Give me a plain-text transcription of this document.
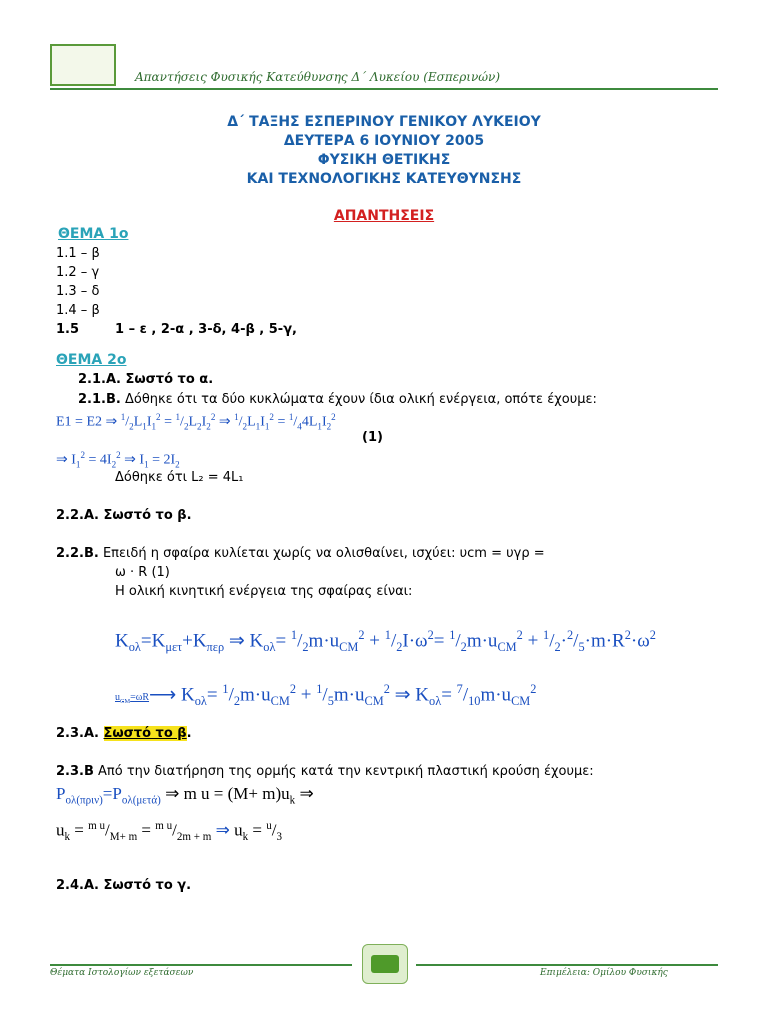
Απαντήσεις Φυσικής Κατεύθυνσης Δ΄ Λυκείου (Εσπερινών)
Δ΄ ΤΑΞΗΣ ΕΣΠΕΡΙΝΟΥ ΓΕΝΙΚΟΥ ΛΥΚΕΙΟΥ
ΔΕΥΤΕΡΑ 6 ΙΟΥΝΙΟΥ 2005
ΦΥΣΙΚΗ ΘΕΤΙΚΗΣ
ΚΑΙ ΤΕΧΝΟΛΟΓΙΚΗΣ ΚΑΤΕΥΘΥΝΣΗΣ
ΑΠΑΝΤΗΣΕΙΣ
ΘΕΜΑ 1ο
1.1 – β
1.2 – γ
1.3 – δ
1.4 – β
1.5	1 – ε , 2-α , 3-δ, 4-β , 5-γ,
ΘΕΜΑ 2ο
2.1.Α. Σωστό το α.
2.1.Β. Δόθηκε ότι τα δύο κυκλώματα έχουν ίδια ολική ενέργεια, οπότε έχουμε:
E1 = E2 ⇒ $^1/_2L_1I_1^2 = ^1/_2L_2I_2^2$ ⇒ $^1/_2L_1I_1^2 = ^1/_44L_1I_2^2$
(1)
⇒ $I_1^2 = 4I_2^2$ ⇒ $I_1 = 2I_2$
Δόθηκε ότι L₂ = 4L₁
2.2.Α. Σωστό το β.
2.2.Β. Επειδή η σφαίρα κυλίεται χωρίς να ολισθαίνει, ισχύει: υcm = υγρ =
ω · R (1)
Η ολική κινητική ενέργεια της σφαίρας είναι:
$K_{o\lambda}=K_{\mu\varepsilon\tau}+K_{\pi\varepsilon\rho}$ ⇒ $K_{o\lambda}= ^1/_2m\cdot u_{CM}^2 + ^1/_2I\cdot\omega^2= ^1/_2m\cdot u_{CM}^2 + ^1/_2\cdot^2/_5\cdot m\cdot R^2\cdot\omega^2$
$u_{CM}=\omega R⟶$ $K_{o\lambda}= ^1/_2m\cdot u_{CM}^2 + ^1/_5m\cdot u_{CM}^2$ ⇒ $K_{o\lambda}= ^7/_{10}m\cdot u_{CM}^2$
2.3.Α. Σωστό το β.
2.3.Β Από την διατήρηση της ορμής κατά την κεντρική πλαστική κρούση έχουμε:
$P_{o\lambda(\pi\rho\iota\nu)}=P_{o\lambda(\mu\varepsilon\tau ά)}$ ⇒ m $u = (M+ m)u_k$ ⇒
$u_k = ^{m u}/_{M+ m} = ^{m u}/_{2m + m}$ ⇒ $u_k = ^u/_3$
2.4.Α. Σωστό το γ.
Θέματα Ιστολογίων εξετάσεων	Επιμέλεια: Ομίλου Φυσικής
